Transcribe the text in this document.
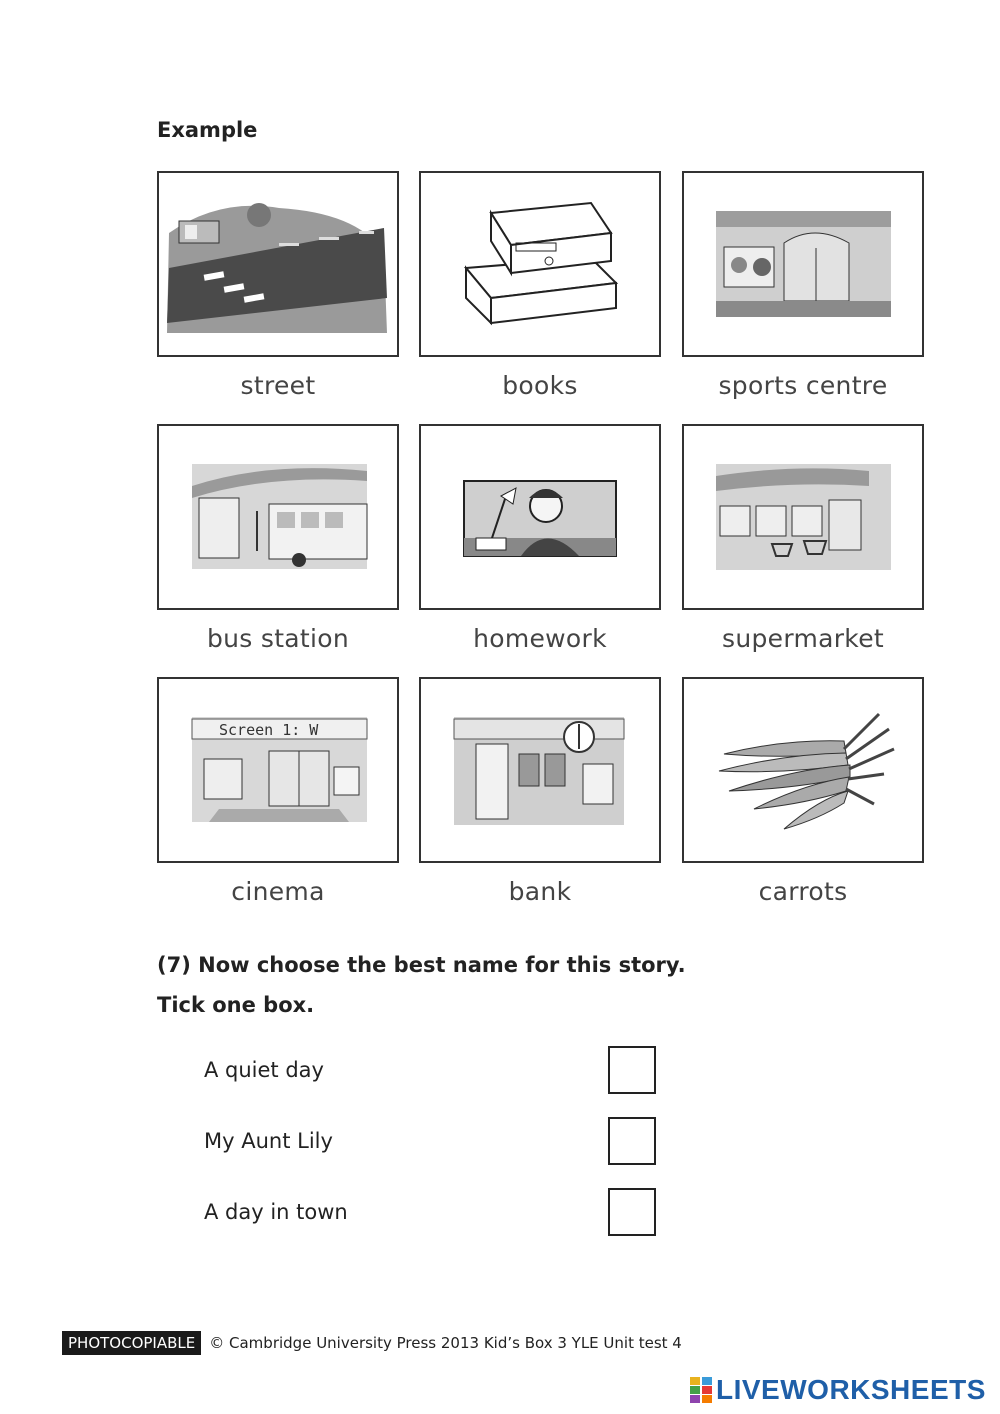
Example
street	books	sports centre
bus station	homework	supermarket
Screen 1: W
cinema	bank	carrots
(7) Now choose the best name for this story.
Tick one box.
A quiet day
My Aunt Lily
A day in town
PHOTOCOPIABLE © Cambridge University Press 2013 Kid’s Box 3 YLE Unit test 4
LIVEWORKSHEETS
